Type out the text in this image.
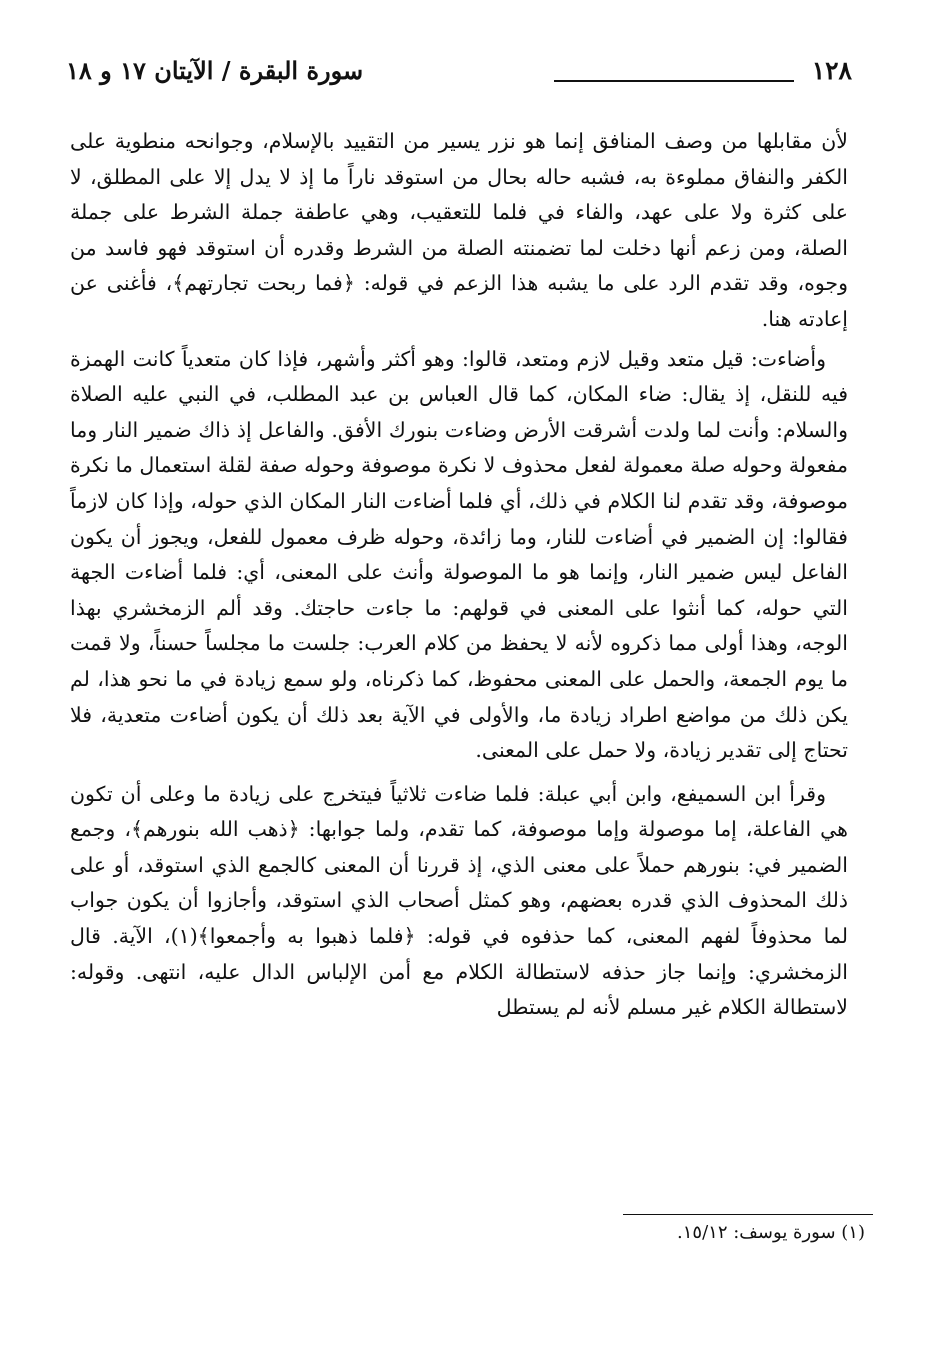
١٢٨
سورة البقرة / الآيتان ١٧ و ١٨

لأن مقابلها من وصف المنافق إنما هو نزر يسير من التقييد بالإسلام، وجوانحه منطوية على الكفر والنفاق مملوءة به، فشبه حاله بحال من استوقد ناراً ما إذ لا يدل إلا على المطلق، لا على كثرة ولا على عهد، والفاء في فلما للتعقيب، وهي عاطفة جملة الشرط على جملة الصلة، ومن زعم أنها دخلت لما تضمنته الصلة من الشرط وقدره أن استوقد فهو فاسد من وجوه، وقد تقدم الرد على ما يشبه هذا الزعم في قوله: ﴿فما ربحت تجارتهم﴾، فأغنى عن إعادته هنا.

وأضاءت: قيل متعد وقيل لازم ومتعد، قالوا: وهو أكثر وأشهر، فإذا كان متعدياً كانت الهمزة فيه للنقل، إذ يقال: ضاء المكان، كما قال العباس بن عبد المطلب، في النبي عليه الصلاة والسلام: وأنت لما ولدت أشرقت الأرض وضاءت بنورك الأفق. والفاعل إذ ذاك ضمير النار وما مفعولة وحوله صلة معمولة لفعل محذوف لا نكرة موصوفة وحوله صفة لقلة استعمال ما نكرة موصوفة، وقد تقدم لنا الكلام في ذلك، أي فلما أضاءت النار المكان الذي حوله، وإذا كان لازماً فقالوا: إن الضمير في أضاءت للنار، وما زائدة، وحوله ظرف معمول للفعل، ويجوز أن يكون الفاعل ليس ضمير النار، وإنما هو ما الموصولة وأنث على المعنى، أي: فلما أضاءت الجهة التي حوله، كما أنثوا على المعنى في قولهم: ما جاءت حاجتك. وقد ألم الزمخشري بهذا الوجه، وهذا أولى مما ذكروه لأنه لا يحفظ من كلام العرب: جلست ما مجلساً حسناً، ولا قمت ما يوم الجمعة، والحمل على المعنى محفوظ، كما ذكرناه، ولو سمع زيادة في ما نحو هذا، لم يكن ذلك من مواضع اطراد زيادة ما، والأولى في الآية بعد ذلك أن يكون أضاءت متعدية، فلا تحتاج إلى تقدير زيادة، ولا حمل على المعنى.

وقرأ ابن السميفع، وابن أبي عبلة: فلما ضاءت ثلاثياً فيتخرج على زيادة ما وعلى أن تكون هي الفاعلة، إما موصولة وإما موصوفة، كما تقدم، ولما جوابها: ﴿ذهب الله بنورهم﴾، وجمع الضمير في: بنورهم حملاً على معنى الذي، إذ قررنا أن المعنى كالجمع الذي استوقد، أو على ذلك المحذوف الذي قدره بعضهم، وهو كمثل أصحاب الذي استوقد، وأجازوا أن يكون جواب لما محذوفاً لفهم المعنى، كما حذفوه في قوله: ﴿فلما ذهبوا به وأجمعوا﴾(١)، الآية. قال الزمخشري: وإنما جاز حذفه لاستطالة الكلام مع أمن الإلباس الدال عليه، انتهى. وقوله: لاستطالة الكلام غير مسلم لأنه لم يستطل

(١) سورة يوسف: ١٥/١٢.
